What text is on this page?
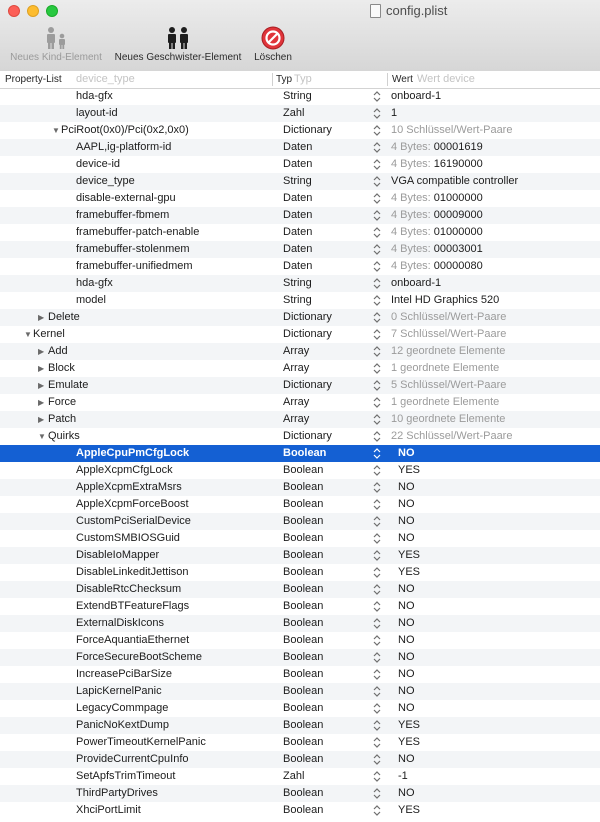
config.plist
Neues Kind-Element	Neues Geschwister-Element	Löschen
Property-List device_type	Typ Typ	Wert Wert device
hda-gfx	String	onboard-1
layout-id	Zahl	1
▼ PciRoot(0x0)/Pci(0x2,0x0)	Dictionary	10 Schlüssel/Wert-Paare
AAPL,ig-platform-id	Daten	4 Bytes: 00001619
device-id	Daten	4 Bytes: 16190000
device_type	String	VGA compatible controller
disable-external-gpu	Daten	4 Bytes: 01000000
framebuffer-fbmem	Daten	4 Bytes: 00009000
framebuffer-patch-enable	Daten	4 Bytes: 01000000
framebuffer-stolenmem	Daten	4 Bytes: 00003001
framebuffer-unifiedmem	Daten	4 Bytes: 00000080
hda-gfx	String	onboard-1
model	String	Intel HD Graphics 520
▶ Delete	Dictionary	0 Schlüssel/Wert-Paare
▼ Kernel	Dictionary	7 Schlüssel/Wert-Paare
▶ Add	Array	12 geordnete Elemente
▶ Block	Array	1 geordnete Elemente
▶ Emulate	Dictionary	5 Schlüssel/Wert-Paare
▶ Force	Array	1 geordnete Elemente
▶ Patch	Array	10 geordnete Elemente
▼ Quirks	Dictionary	22 Schlüssel/Wert-Paare
AppleCpuPmCfgLock	Boolean	NO
AppleXcpmCfgLock	Boolean	YES
AppleXcpmExtraMsrs	Boolean	NO
AppleXcpmForceBoost	Boolean	NO
CustomPciSerialDevice	Boolean	NO
CustomSMBIOSGuid	Boolean	NO
DisableIoMapper	Boolean	YES
DisableLinkeditJettison	Boolean	YES
DisableRtcChecksum	Boolean	NO
ExtendBTFeatureFlags	Boolean	NO
ExternalDiskIcons	Boolean	NO
ForceAquantiaEthernet	Boolean	NO
ForceSecureBootScheme	Boolean	NO
IncreasePciBarSize	Boolean	NO
LapicKernelPanic	Boolean	NO
LegacyCommpage	Boolean	NO
PanicNoKextDump	Boolean	YES
PowerTimeoutKernelPanic	Boolean	YES
ProvideCurrentCpuInfo	Boolean	NO
SetApfsTrimTimeout	Zahl	-1
ThirdPartyDrives	Boolean	NO
XhciPortLimit	Boolean	YES
